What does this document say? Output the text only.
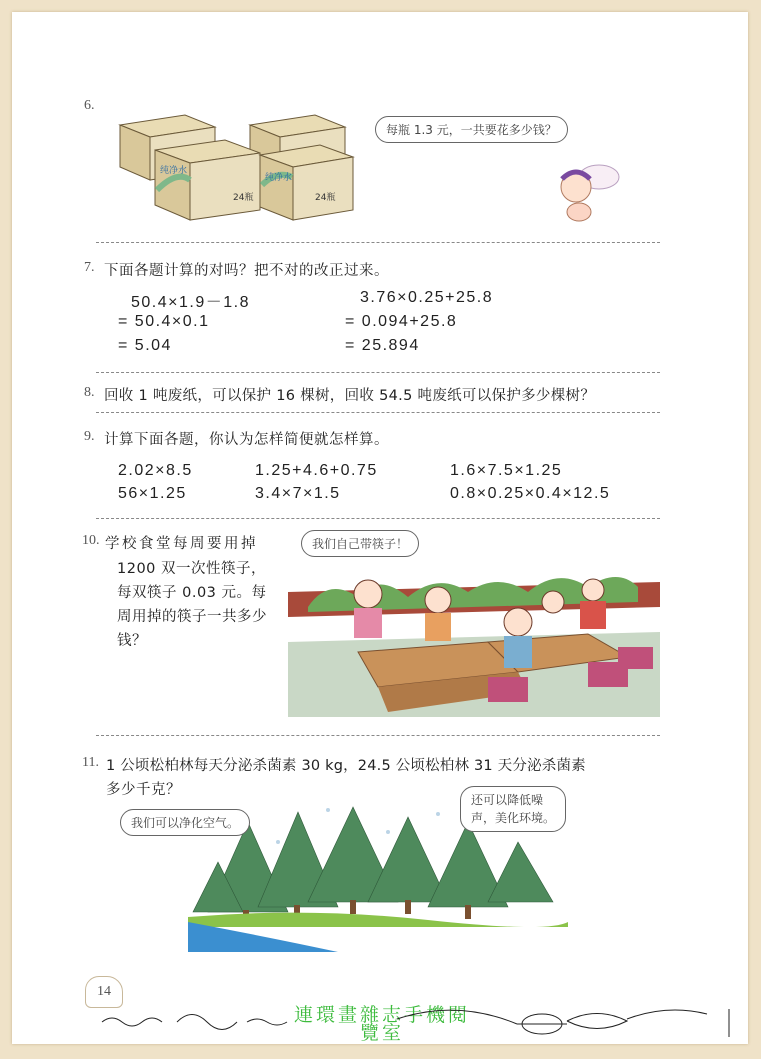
6.
纯净水
纯净水
24瓶	24瓶
每瓶 1.3 元，一共要花多少钱？
7. 下面各题计算的对吗？把不对的改正过来。
50.4×1.9－1.8
= 50.4×0.1
= 5.04
3.76×0.25+25.8
= 0.094+25.8
= 25.894
8. 回收 1 吨废纸，可以保护 16 棵树，回收 54.5 吨废纸可以保护多少棵树？
9. 计算下面各题，你认为怎样简便就怎样算。
2.02×8.5	1.25+4.6+0.75	1.6×7.5×1.25
56×1.25	3.4×7×1.5	0.8×0.25×0.4×12.5
10. 学校食堂每周要用掉
1200 双一次性筷子，
每双筷子 0.03 元。每
周用掉的筷子一共多少
钱？
我们自己带筷子！
11. 1 公顷松柏林每天分泌杀菌素 30 kg，24.5 公顷松柏林 31 天分泌杀菌素
多少千克？
我们可以净化空气。
还可以降低噪
声，美化环境。
14
連環畫雜志手機閱
覽室
